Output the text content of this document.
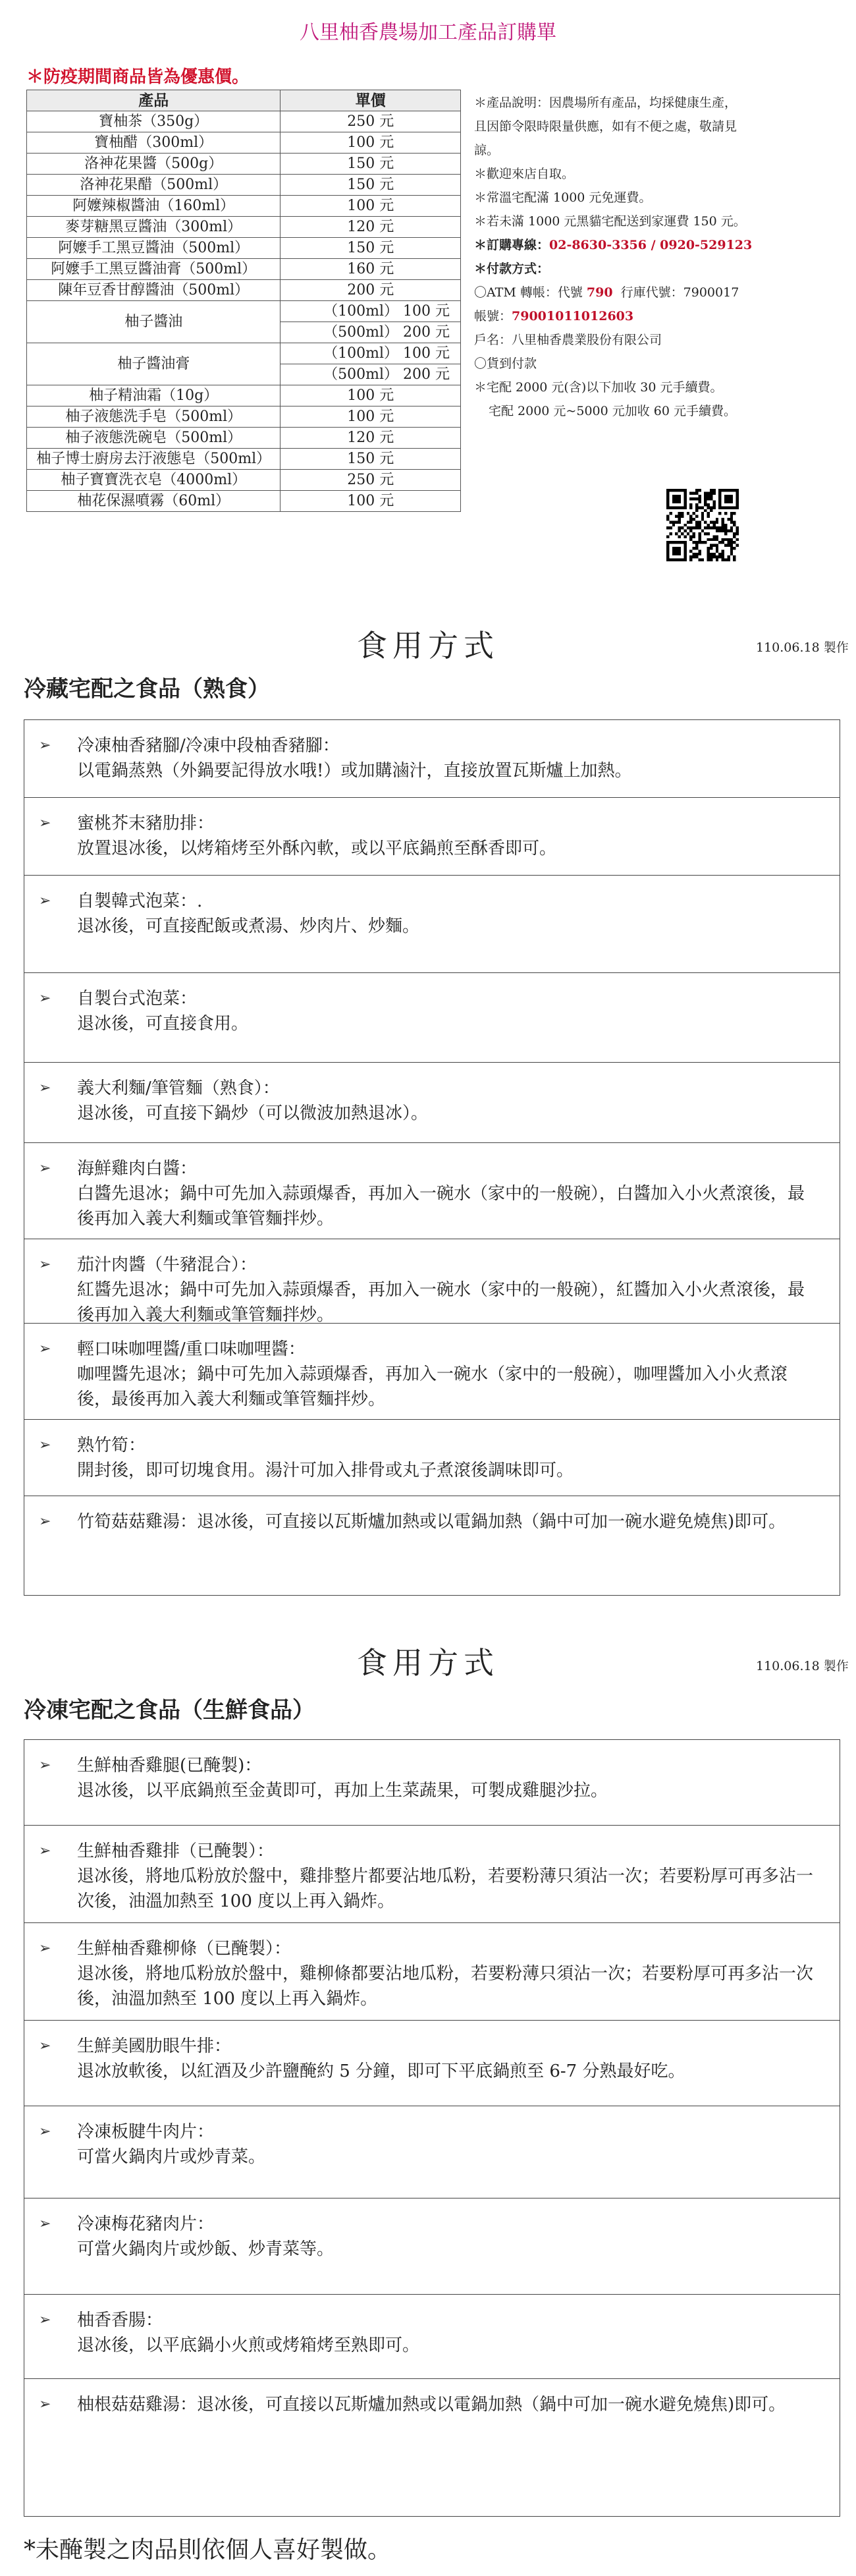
八里柚香農場加工產品訂購單
＊防疫期間商品皆為優惠價。
產品	單價
寶柚茶（350g）	250 元
寶柚醋（300ml）	100 元
洛神花果醬（500g）	150 元
洛神花果醋（500ml）	150 元
阿嬤辣椒醬油（160ml）	100 元
麥芽糖黑豆醬油（300ml）	120 元
阿嬤手工黑豆醬油（500ml）	150 元
阿嬤手工黑豆醬油膏（500ml）	160 元
陳年豆香甘醇醬油（500ml）	200 元
柚子醬油	（100ml） 100 元
	（500ml） 200 元
柚子醬油膏	（100ml） 100 元
	（500ml） 200 元
柚子精油霜（10g）	100 元
柚子液態洗手皂（500ml）	100 元
柚子液態洗碗皂（500ml）	120 元
柚子博士廚房去汙液態皂（500ml）	150 元
柚子寶寶洗衣皂（4000ml）	250 元
柚花保濕噴霧（60ml）	100 元

＊產品說明：因農場所有產品，均採健康生產，

且因節令限時限量供應，如有不便之處，敬請見

諒。

＊歡迎來店自取。

＊常溫宅配滿 1000 元免運費。

＊若未滿 1000 元黑貓宅配送到家運費 150 元。

＊訂購專線：02-8630-3356 / 0920-529123

＊付款方式：

〇ATM 轉帳：代號 790 行庫代號：7900017

帳號：79001011012603

戶名：八里柚香農業股份有限公司

〇貨到付款

＊宅配 2000 元(含)以下加收 30 元手續費。

宅配 2000 元~5000 元加收 60 元手續費。

食用方式	110.06.18 製作
冷藏宅配之食品（熟食）
➢ 冷凍柚香豬腳/冷凍中段柚香豬腳：
以電鍋蒸熟（外鍋要記得放水哦!）或加購滷汁，直接放置瓦斯爐上加熱。
➢ 蜜桃芥末豬肋排：
放置退冰後，以烤箱烤至外酥內軟，或以平底鍋煎至酥香即可。
➢ 自製韓式泡菜：.
退冰後，可直接配飯或煮湯、炒肉片、炒麵。
➢ 自製台式泡菜：
退冰後，可直接食用。
➢ 義大利麵/筆管麵（熟食）：
退冰後，可直接下鍋炒（可以微波加熱退冰）。
➢ 海鮮雞肉白醬：
白醬先退冰；鍋中可先加入蒜頭爆香，再加入一碗水（家中的一般碗），白醬加入小火煮滾後，最後再加入義大利麵或筆管麵拌炒。
➢ 茄汁肉醬（牛豬混合）：
紅醬先退冰；鍋中可先加入蒜頭爆香，再加入一碗水（家中的一般碗），紅醬加入小火煮滾後，最後再加入義大利麵或筆管麵拌炒。
➢ 輕口味咖哩醬/重口味咖哩醬：
咖哩醬先退冰；鍋中可先加入蒜頭爆香，再加入一碗水（家中的一般碗），咖哩醬加入小火煮滾後，最後再加入義大利麵或筆管麵拌炒。
➢ 熟竹筍：
開封後，即可切塊食用。湯汁可加入排骨或丸子煮滾後調味即可。
➢ 竹筍菇菇雞湯：退冰後，可直接以瓦斯爐加熱或以電鍋加熱（鍋中可加一碗水避免燒焦)即可。
食用方式	110.06.18 製作
冷凍宅配之食品（生鮮食品）
➢ 生鮮柚香雞腿(已醃製)：
退冰後，以平底鍋煎至金黃即可，再加上生菜蔬果，可製成雞腿沙拉。
➢ 生鮮柚香雞排（已醃製）：
退冰後，將地瓜粉放於盤中，雞排整片都要沾地瓜粉，若要粉薄只須沾一次；若要粉厚可再多沾一次後，油溫加熱至 100 度以上再入鍋炸。
➢ 生鮮柚香雞柳條（已醃製）：
退冰後，將地瓜粉放於盤中，雞柳條都要沾地瓜粉，若要粉薄只須沾一次；若要粉厚可再多沾一次後，油溫加熱至 100 度以上再入鍋炸。
➢ 生鮮美國肋眼牛排：
退冰放軟後，以紅酒及少許鹽醃約 5 分鐘，即可下平底鍋煎至 6-7 分熟最好吃。
➢ 冷凍板腱牛肉片：
可當火鍋肉片或炒青菜。
➢ 冷凍梅花豬肉片：
可當火鍋肉片或炒飯、炒青菜等。
➢ 柚香香腸：
退冰後，以平底鍋小火煎或烤箱烤至熟即可。
➢ 柚根菇菇雞湯：退冰後，可直接以瓦斯爐加熱或以電鍋加熱（鍋中可加一碗水避免燒焦)即可。
*未醃製之肉品則依個人喜好製做。
